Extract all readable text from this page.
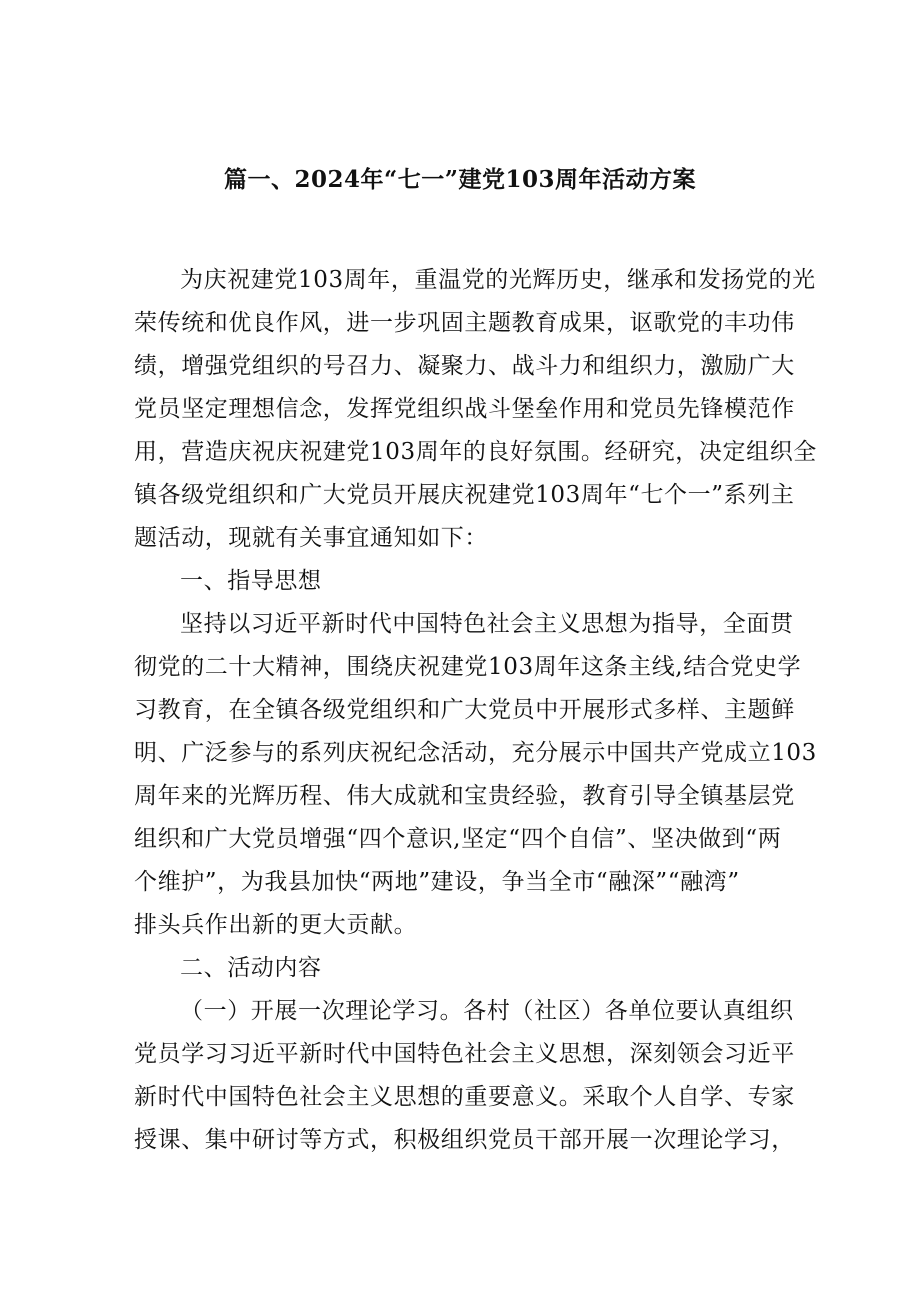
篇一、2024年“七一”建党103周年活动方案
为庆祝建党103周年，重温党的光辉历史，继承和发扬党的光
荣传统和优良作风，进一步巩固主题教育成果，讴歌党的丰功伟
绩，增强党组织的号召力、凝聚力、战斗力和组织力，激励广大
党员坚定理想信念，发挥党组织战斗堡垒作用和党员先锋模范作
用，营造庆祝庆祝建党103周年的良好氛围。经研究，决定组织全
镇各级党组织和广大党员开展庆祝建党103周年“七个一”系列主
题活动，现就有关事宜通知如下：
一、指导思想
坚持以习近平新时代中国特色社会主义思想为指导，全面贯
彻党的二十大精神，围绕庆祝建党103周年这条主线,结合党史学
习教育，在全镇各级党组织和广大党员中开展形式多样、主题鲜
明、广泛参与的系列庆祝纪念活动，充分展示中国共产党成立103
周年来的光辉历程、伟大成就和宝贵经验，教育引导全镇基层党
组织和广大党员增强“四个意识,坚定“四个自信”、坚决做到“两
个维护”，为我县加快“两地”建设，争当全市“融深”“融湾”
排头兵作出新的更大贡献。
二、活动内容
（一）开展一次理论学习。各村（社区）各单位要认真组织
党员学习习近平新时代中国特色社会主义思想，深刻领会习近平
新时代中国特色社会主义思想的重要意义。采取个人自学、专家
授课、集中研讨等方式，积极组织党员干部开展一次理论学习，
